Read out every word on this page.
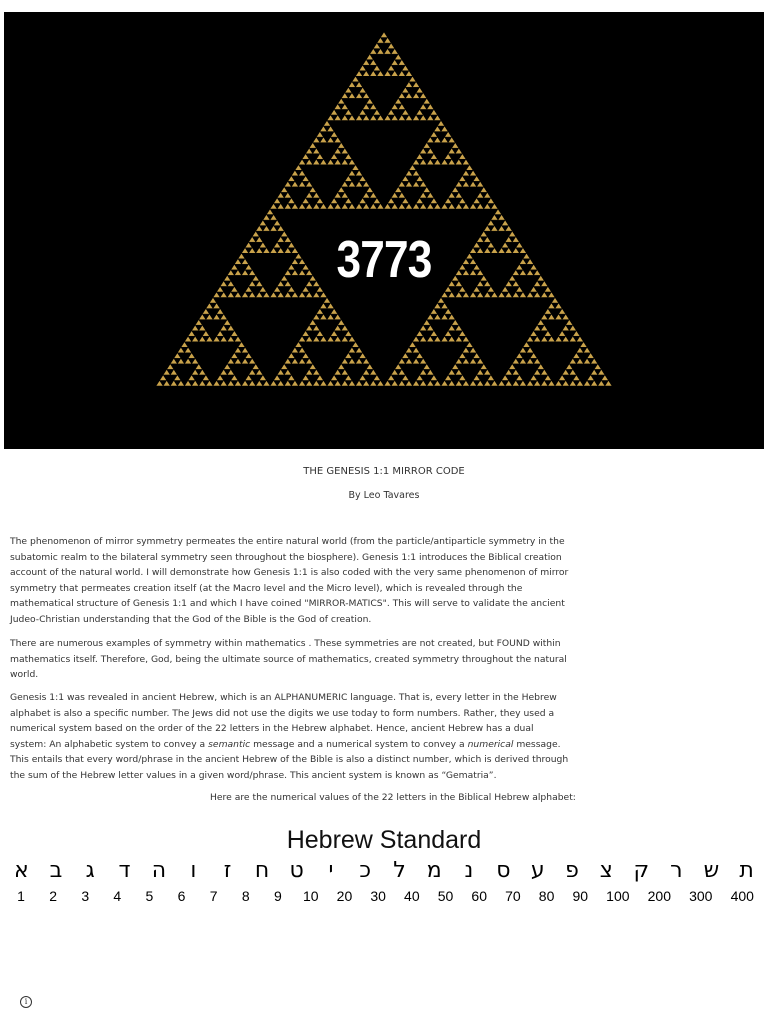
3773
THE GENESIS 1:1 MIRROR CODE
By Leo Tavares
The phenomenon of mirror symmetry permeates the entire natural world (from the particle/antiparticle symmetry in the subatomic realm to the bilateral symmetry seen throughout the biosphere). Genesis 1:1 introduces the Biblical creation account of the natural world. I will demonstrate how Genesis 1:1 is also coded with the very same phenomenon of mirror symmetry that permeates creation itself (at the Macro level and the Micro level), which is revealed through the mathematical structure of Genesis 1:1 and which I have coined "MIRROR-MATICS". This will serve to validate the ancient Judeo-Christian understanding that the God of the Bible is the God of creation.
There are numerous examples of symmetry within mathematics . These symmetries are not created, but FOUND within mathematics itself. Therefore, God, being the ultimate source of mathematics, created symmetry throughout the natural world.
Genesis 1:1 was revealed in ancient Hebrew, which is an ALPHANUMERIC language. That is, every letter in the Hebrew alphabet is also a specific number. The Jews did not use the digits we use today to form numbers. Rather, they used a numerical system based on the order of the 22 letters in the Hebrew alphabet. Hence, ancient Hebrew has a dual system: An alphabetic system to convey a semantic message and a numerical system to convey a numerical message. This entails that every word/phrase in the ancient Hebrew of the Bible is also a distinct number, which is derived through the sum of the Hebrew letter values in a given word/phrase. This ancient system is known as “Gematria”.
Here are the numerical values of the 22 letters in the Biblical Hebrew alphabet:
Hebrew Standard
א ב ג ד ה ו ז ח ט י כ ל מ נ ס ע פ צ ק ר ש ת
1 2 3 4 5 6 7 8 9 10 20 30 40 50 60 70 80 90 100 200 300 400
i
